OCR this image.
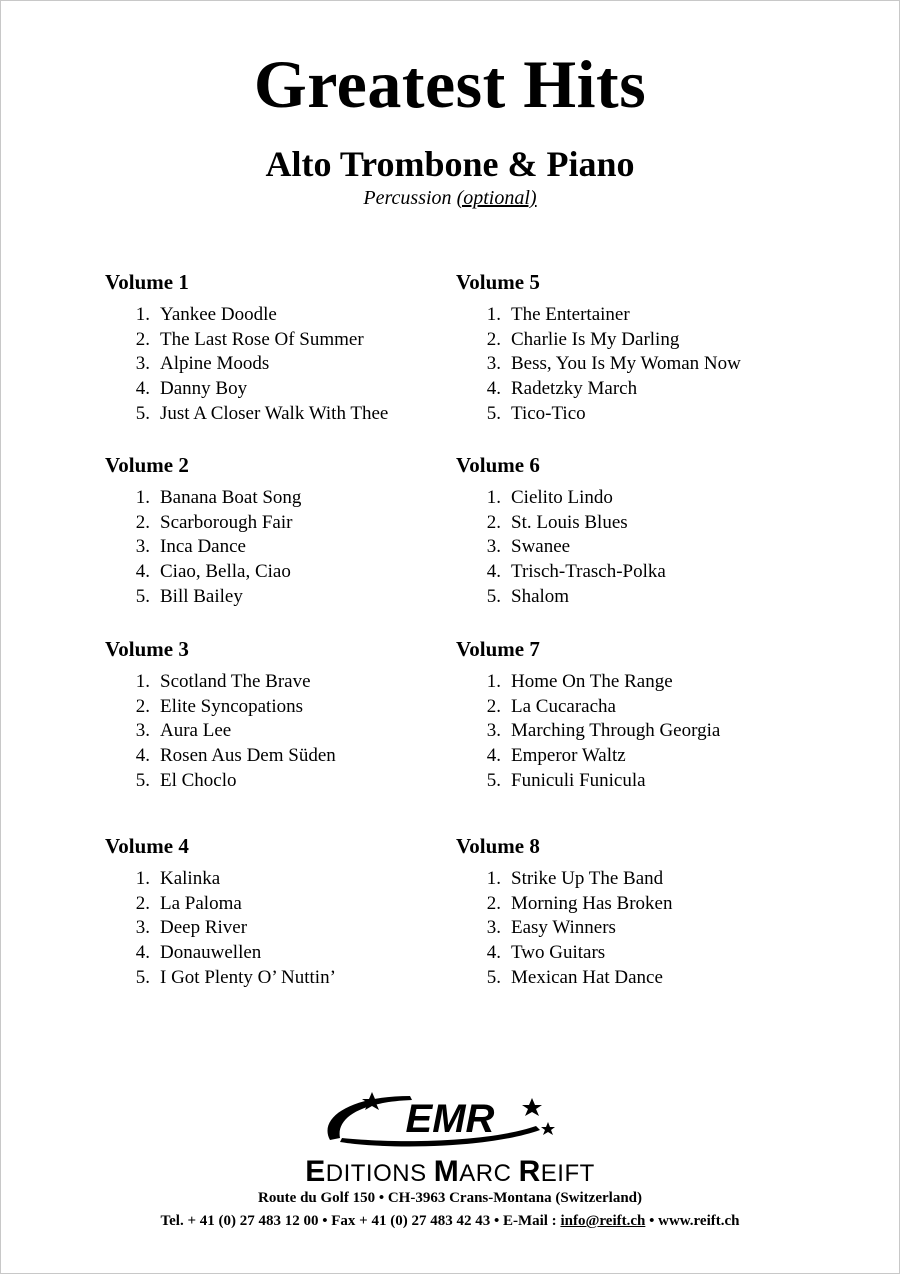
Greatest Hits
Alto Trombone & Piano
Percussion (optional)
Volume 1
1. Yankee Doodle
2. The Last Rose Of Summer
3. Alpine Moods
4. Danny Boy
5. Just A Closer Walk With Thee
Volume 2
1. Banana Boat Song
2. Scarborough Fair
3. Inca Dance
4. Ciao, Bella, Ciao
5. Bill Bailey
Volume 3
1. Scotland The Brave
2. Elite Syncopations
3. Aura Lee
4. Rosen Aus Dem Süden
5. El Choclo
Volume 4
1. Kalinka
2. La Paloma
3. Deep River
4. Donauwellen
5. I Got Plenty O’ Nuttin’
Volume 5
1. The Entertainer
2. Charlie Is My Darling
3. Bess, You Is My Woman Now
4. Radetzky March
5. Tico-Tico
Volume 6
1. Cielito Lindo
2. St. Louis Blues
3. Swanee
4. Trisch-Trasch-Polka
5. Shalom
Volume 7
1. Home On The Range
2. La Cucaracha
3. Marching Through Georgia
4. Emperor Waltz
5. Funiculi Funicula
Volume 8
1. Strike Up The Band
2. Morning Has Broken
3. Easy Winners
4. Two Guitars
5. Mexican Hat Dance
EMR
EDITIONS MARC REIFT
Route du Golf 150 • CH-3963 Crans-Montana (Switzerland)
Tel. + 41 (0) 27 483 12 00 • Fax + 41 (0) 27 483 42 43 • E-Mail : info@reift.ch • www.reift.ch
